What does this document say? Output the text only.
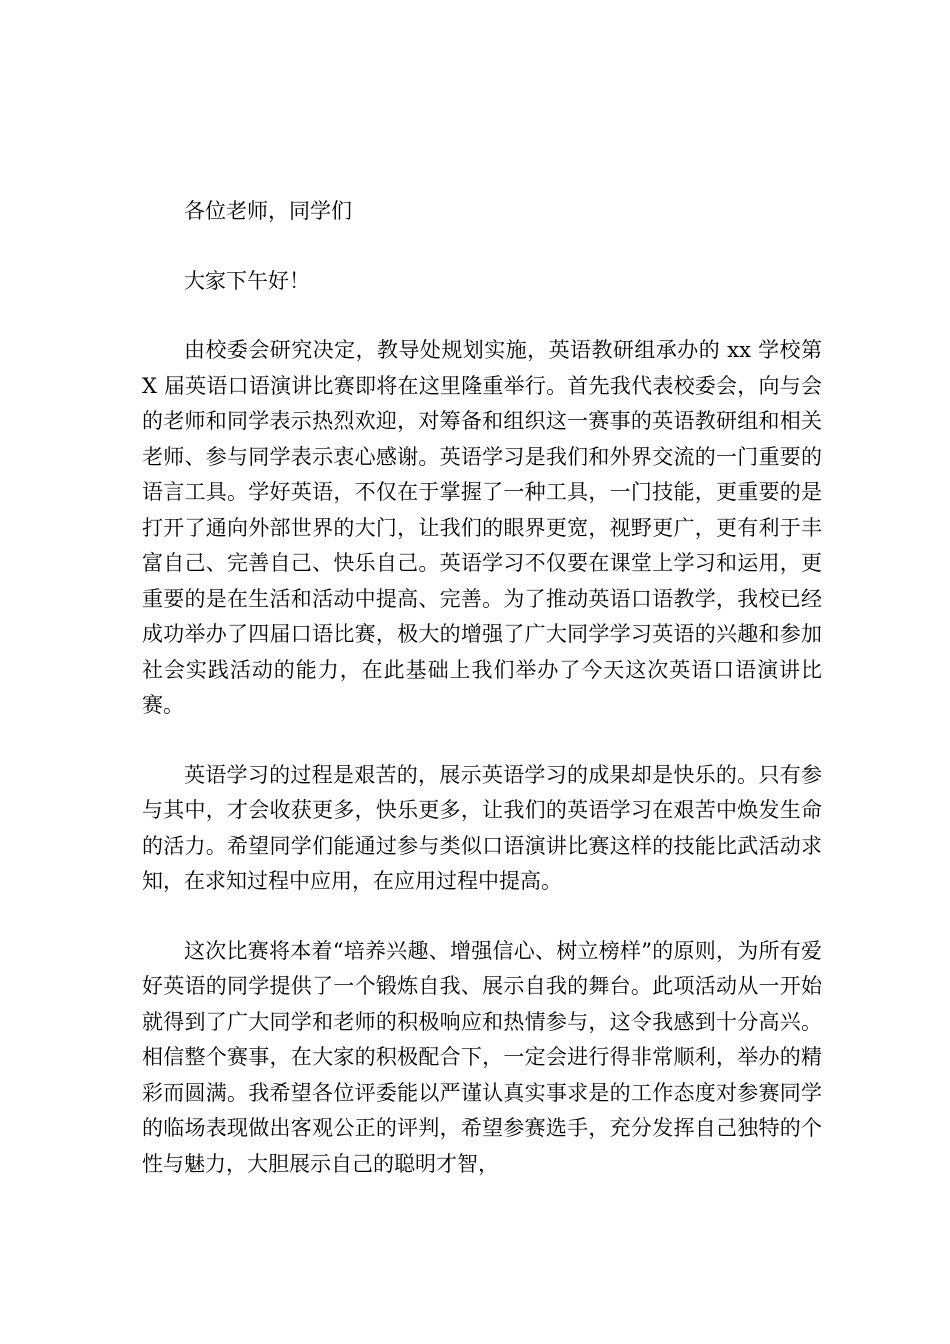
各位老师，同学们

大家下午好！

由校委会研究决定，教导处规划实施，英语教研组承办的 xx 学校第 X 届英语口语演讲比赛即将在这里隆重举行。首先我代表校委会，向与会的老师和同学表示热烈欢迎，对筹备和组织这一赛事的英语教研组和相关老师、参与同学表示衷心感谢。英语学习是我们和外界交流的一门重要的语言工具。学好英语，不仅在于掌握了一种工具，一门技能，更重要的是打开了通向外部世界的大门，让我们的眼界更宽，视野更广，更有利于丰富自己、完善自己、快乐自己。英语学习不仅要在课堂上学习和运用，更重要的是在生活和活动中提高、完善。为了推动英语口语教学，我校已经成功举办了四届口语比赛，极大的增强了广大同学学习英语的兴趣和参加社会实践活动的能力，在此基础上我们举办了今天这次英语口语演讲比赛。

英语学习的过程是艰苦的，展示英语学习的成果却是快乐的。只有参与其中，才会收获更多，快乐更多，让我们的英语学习在艰苦中焕发生命的活力。希望同学们能通过参与类似口语演讲比赛这样的技能比武活动求知，在求知过程中应用，在应用过程中提高。

这次比赛将本着“培养兴趣、增强信心、树立榜样”的原则，为所有爱好英语的同学提供了一个锻炼自我、展示自我的舞台。此项活动从一开始就得到了广大同学和老师的积极响应和热情参与，这令我感到十分高兴。相信整个赛事，在大家的积极配合下，一定会进行得非常顺利，举办的精彩而圆满。我希望各位评委能以严谨认真实事求是的工作态度对参赛同学的临场表现做出客观公正的评判，希望参赛选手，充分发挥自己独特的个性与魅力，大胆展示自己的聪明才智，
